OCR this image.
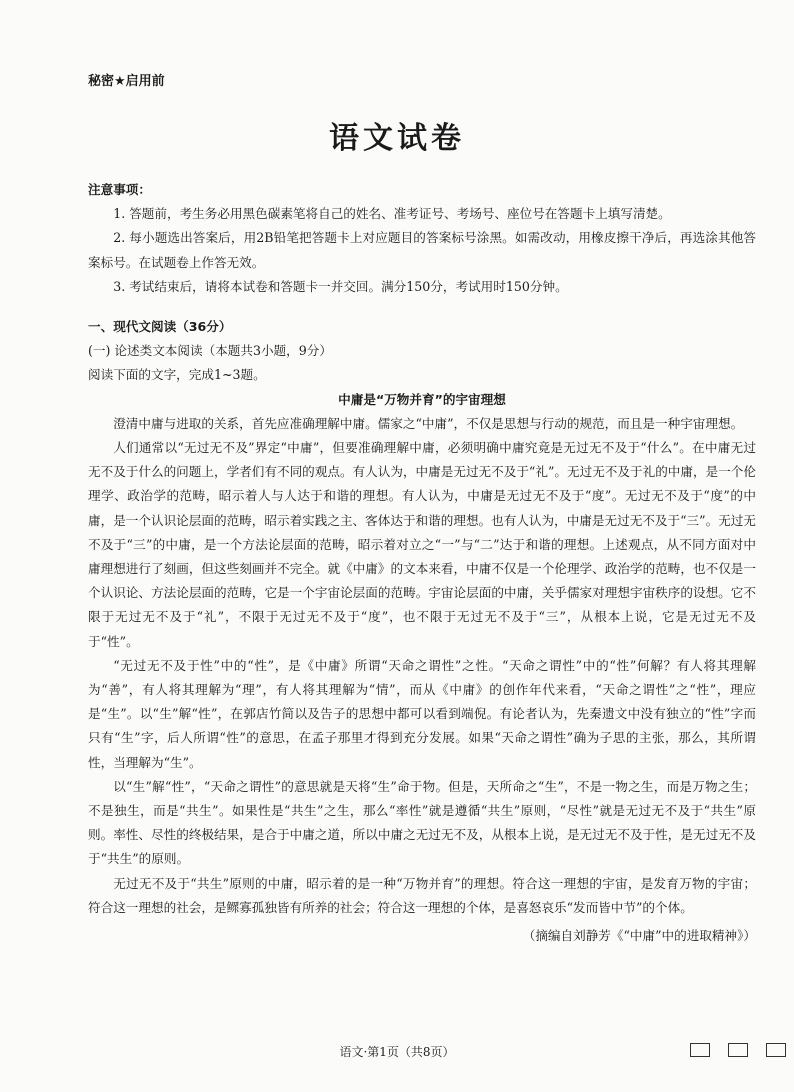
秘密★启用前
语文试卷

注意事项：

1. 答题前，考生务必用黑色碳素笔将自己的姓名、准考证号、考场号、座位号在答题卡上填写清楚。

2. 每小题选出答案后，用2B铅笔把答题卡上对应题目的答案标号涂黑。如需改动，用橡皮擦干净后，再选涂其他答案标号。在试题卷上作答无效。

3. 考试结束后，请将本试卷和答题卡一并交回。满分150分，考试用时150分钟。

一、现代文阅读（36分）

(一) 论述类文本阅读（本题共3小题，9分）

阅读下面的文字，完成1~3题。

中庸是“万物并育”的宇宙理想

澄清中庸与进取的关系，首先应准确理解中庸。儒家之“中庸”，不仅是思想与行动的规范，而且是一种宇宙理想。

人们通常以“无过无不及”界定“中庸”，但要准确理解中庸，必须明确中庸究竟是无过无不及于“什么”。在中庸无过无不及于什么的问题上，学者们有不同的观点。有人认为，中庸是无过无不及于“礼”。无过无不及于礼的中庸，是一个伦理学、政治学的范畴，昭示着人与人达于和谐的理想。有人认为，中庸是无过无不及于“度”。无过无不及于“度”的中庸，是一个认识论层面的范畴，昭示着实践之主、客体达于和谐的理想。也有人认为，中庸是无过无不及于“三”。无过无不及于“三”的中庸，是一个方法论层面的范畴，昭示着对立之“一”与“二”达于和谐的理想。上述观点，从不同方面对中庸理想进行了刻画，但这些刻画并不完全。就《中庸》的文本来看，中庸不仅是一个伦理学、政治学的范畴，也不仅是一个认识论、方法论层面的范畴，它是一个宇宙论层面的范畴。宇宙论层面的中庸，关乎儒家对理想宇宙秩序的设想。它不限于无过无不及于“礼”，不限于无过无不及于“度”，也不限于无过无不及于“三”，从根本上说，它是无过无不及于“性”。

“无过无不及于性”中的“性”，是《中庸》所谓“天命之谓性”之性。“天命之谓性”中的“性”何解？有人将其理解为“善”，有人将其理解为“理”，有人将其理解为“情”，而从《中庸》的创作年代来看，“天命之谓性”之“性”，理应是“生”。以“生”解“性”，在郭店竹简以及告子的思想中都可以看到端倪。有论者认为，先秦遗文中没有独立的“性”字而只有“生”字，后人所谓“性”的意思，在孟子那里才得到充分发展。如果“天命之谓性”确为子思的主张，那么，其所谓性，当理解为“生”。

以“生”解“性”，“天命之谓性”的意思就是天将“生”命于物。但是，天所命之“生”，不是一物之生，而是万物之生；不是独生，而是“共生”。如果性是“共生”之生，那么“率性”就是遵循“共生”原则，“尽性”就是无过无不及于“共生”原则。率性、尽性的终极结果，是合于中庸之道，所以中庸之无过无不及，从根本上说，是无过无不及于性，是无过无不及于“共生”的原则。

无过无不及于“共生”原则的中庸，昭示着的是一种“万物并育”的理想。符合这一理想的宇宙，是发育万物的宇宙；符合这一理想的社会，是鳏寡孤独皆有所养的社会；符合这一理想的个体，是喜怒哀乐“发而皆中节”的个体。

（摘编自刘静芳《“中庸”中的进取精神》）

语文·第1页（共8页）
